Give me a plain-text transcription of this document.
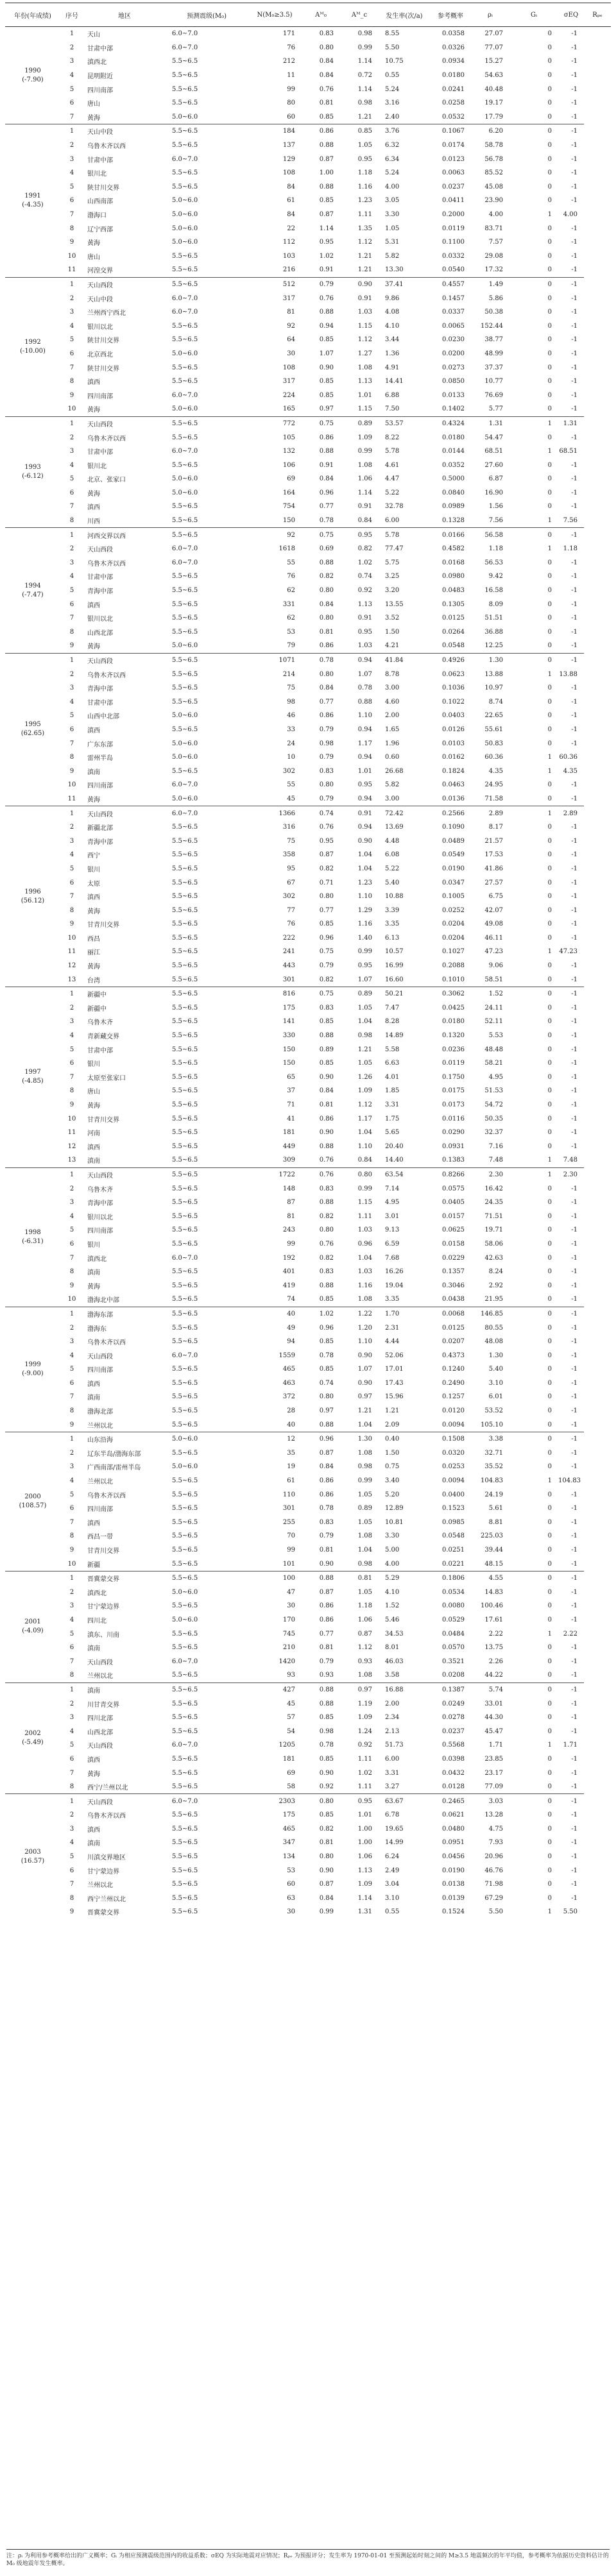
年份(年成绩)	序号	地区	预测震级(M₀)	N(M₀≥3.5)	Aᴹ₀	Aᴹ_c	发生率(次/a)	参考概率	ρᵢ	Gᵢ	σEQ	Rₚₑ

1990
(-7.90)	1	天山	6.0~7.0	171	0.83	0.98	8.55	0.0358	27.07	0	-1	
	2	甘肃中部	6.0~7.0	76	0.80	0.99	5.50	0.0326	77.07	0	-1	
	3	滇西北	5.5~6.5	212	0.84	1.14	10.75	0.0934	15.27	0	-1	
	4	昆明附近	5.5~6.5	11	0.84	0.72	0.55	0.0180	54.63	0	-1	
	5	四川南部	5.5~6.5	99	0.76	1.14	5.24	0.0241	40.48	0	-1	
	6	唐山	5.5~6.5	80	0.81	0.98	3.16	0.0258	19.17	0	-1	
	7	黄海	5.0~6.0	60	0.85	1.21	2.40	0.0532	17.79	0	-1	

1991
(-4.35)	1	天山中段	5.5~6.5	184	0.86	0.85	3.76	0.1067	6.20	0	-1	
	2	乌鲁木齐以西	5.5~6.5	137	0.88	1.05	6.32	0.0174	58.78	0	-1	
	3	甘肃中部	6.0~7.0	129	0.87	0.95	6.34	0.0123	56.78	0	-1	
	4	银川北	5.5~6.5	108	1.00	1.18	5.24	0.0063	85.52	0	-1	
	5	陕甘川交界	5.5~6.5	84	0.88	1.16	4.00	0.0237	45.08	0	-1	
	6	山西南部	5.0~6.0	61	0.85	1.23	3.05	0.0411	23.90	0	-1	
	7	渤海口	5.0~6.0	84	0.87	1.11	3.30	0.2000	4.00	1	4.00	
	8	辽宁西部	5.0~6.0	22	1.14	1.35	1.05	0.0119	83.71	0	-1	
	9	黄海	5.0~6.0	112	0.95	1.12	5.31	0.1100	7.57	0	-1	
	10	唐山	5.5~6.5	103	1.02	1.21	5.82	0.0332	29.08	0	-1	
	11	河湟交界	5.5~6.5	216	0.91	1.21	13.30	0.0540	17.32	0	-1	

1992
(-10.00)	1	天山西段	5.5~6.5	512	0.79	0.90	37.41	0.4557	1.49	0	-1	
	2	天山中段	6.0~7.0	317	0.76	0.91	9.86	0.1457	5.86	0	-1	
	3	兰州西宁西北	6.0~7.0	81	0.88	1.03	4.08	0.0337	50.38	0	-1	
	4	银川以北	5.5~6.5	92	0.94	1.15	4.10	0.0065	152.44	0	-1	
	5	陕甘川交界	5.5~6.5	64	0.85	1.12	3.44	0.0230	38.77	0	-1	
	6	北京西北	5.0~6.0	30	1.07	1.27	1.36	0.0200	48.99	0	-1	
	7	陕甘川交界	5.5~6.5	108	0.90	1.08	4.91	0.0273	37.37	0	-1	
	8	滇西	5.5~6.5	317	0.85	1.13	14.41	0.0850	10.77	0	-1	
	9	四川南部	6.0~7.0	224	0.85	1.01	6.88	0.0133	76.69	0	-1	
	10	黄海	5.0~6.0	165	0.97	1.15	7.50	0.1402	5.77	0	-1	

1993
(-6.12)	1	天山西段	5.5~6.5	772	0.75	0.89	53.57	0.4324	1.31	1	1.31	
	2	乌鲁木齐以西	5.5~6.5	105	0.86	1.09	8.22	0.0180	54.47	0	-1	
	3	甘肃中部	6.0~7.0	132	0.88	0.99	5.78	0.0144	68.51	1	68.51	
	4	银川北	5.5~6.5	106	0.91	1.08	4.61	0.0352	27.60	0	-1	
	5	北京、张家口	5.0~6.0	69	0.84	1.06	4.47	0.5000	6.87	0	-1	
	6	黄海	5.0~6.0	164	0.96	1.14	5.22	0.0840	16.90	0	-1	
	7	滇西	5.5~6.5	754	0.77	0.91	32.78	0.0989	1.56	0	-1	
	8	川西	5.5~6.5	150	0.78	0.84	6.00	0.1328	7.56	1	7.56	

1994
(-7.47)	1	河西交界以西	5.5~6.5	92	0.75	0.95	5.78	0.0166	56.58	0	-1	
	2	天山西段	6.0~7.0	1618	0.69	0.82	77.47	0.4582	1.18	1	1.18	
	3	乌鲁木齐以西	6.0~7.0	55	0.88	1.02	5.75	0.0168	56.53	0	-1	
	4	甘肃中部	5.5~6.5	76	0.82	0.74	3.25	0.0980	9.42	0	-1	
	5	青海中部	5.5~6.5	62	0.80	0.92	3.20	0.0483	16.58	0	-1	
	6	滇西	5.5~6.5	331	0.84	1.13	13.55	0.1305	8.09	0	-1	
	7	银川以北	5.5~6.5	62	0.80	0.91	3.52	0.0125	51.51	0	-1	
	8	山西北部	5.5~6.5	53	0.81	0.95	1.50	0.0264	36.88	0	-1	
	9	黄海	5.0~6.0	79	0.86	1.03	4.21	0.0548	12.25	0	-1	

1995
(62.65)	1	天山西段	5.5~6.5	1071	0.78	0.94	41.84	0.4926	1.30	0	-1	
	2	乌鲁木齐以西	5.5~6.5	214	0.80	1.07	8.78	0.0623	13.88	1	13.88	
	3	青海中部	5.5~6.5	75	0.84	0.78	3.00	0.1036	10.97	0	-1	
	4	甘肃中部	5.5~6.5	98	0.77	0.88	4.60	0.1022	8.74	0	-1	
	5	山西中北部	5.0~6.0	46	0.86	1.10	2.00	0.0403	22.65	0	-1	
	6	滇西	5.5~6.5	33	0.79	0.94	1.65	0.0126	55.61	0	-1	
	7	广东东部	5.0~6.0	24	0.98	1.17	1.96	0.0103	50.83	0	-1	
	8	雷州半岛	5.0~6.0	10	0.79	0.94	0.60	0.0162	60.36	1	60.36	
	9	滇南	5.5~6.5	302	0.83	1.01	26.68	0.1824	4.35	1	4.35	
	10	四川南部	6.0~7.0	55	0.80	0.95	5.82	0.0463	24.95	0	-1	
	11	黄海	5.0~6.0	45	0.79	0.94	3.00	0.0136	71.58	0	-1	

1996
(56.12)	1	天山西段	6.0~7.0	1366	0.74	0.91	72.42	0.2566	2.89	1	2.89	
	2	新疆北部	5.5~6.5	316	0.76	0.94	13.69	0.1090	8.17	0	-1	
	3	青海中部	5.5~6.5	75	0.95	0.90	4.48	0.0489	21.57	0	-1	
	4	西宁	5.5~6.5	358	0.87	1.04	6.08	0.0549	17.53	0	-1	
	5	银川	5.5~6.5	95	0.82	1.04	5.22	0.0190	41.86	0	-1	
	6	太原	5.5~6.5	67	0.71	1.23	5.40	0.0347	27.57	0	-1	
	7	滇西	5.5~6.5	302	0.80	1.10	10.88	0.1005	6.75	0	-1	
	8	黄海	5.5~6.5	77	0.77	1.29	3.39	0.0252	42.07	0	-1	
	9	甘青川交界	5.5~6.5	76	0.85	1.16	3.35	0.0204	49.08	0	-1	
	10	西昌	5.5~6.5	222	0.96	1.40	6.13	0.0204	46.11	0	-1	
	11	丽江	5.5~6.5	241	0.75	0.99	10.57	0.1027	47.23	1	47.23	
	12	黄海	5.5~6.5	443	0.79	0.95	16.99	0.2088	9.06	0	-1	
	13	台湾	5.5~6.5	301	0.82	1.07	16.60	0.1010	58.51	0	-1	

1997
(-4.85)	1	新疆中	5.5~6.5	816	0.75	0.89	50.21	0.3062	1.52	0	-1	
	2	新疆中	5.5~6.5	175	0.83	1.05	7.47	0.0425	24.11	0	-1	
	3	乌鲁木齐	5.5~6.5	141	0.85	1.04	8.28	0.0180	52.11	0	-1	
	4	青新藏交界	5.5~6.5	330	0.88	0.98	14.89	0.1320	5.53	0	-1	
	5	甘肃中部	5.5~6.5	150	0.89	1.21	5.58	0.0236	48.48	0	-1	
	6	银川	5.5~6.5	150	0.85	1.05	6.63	0.0119	58.21	0	-1	
	7	太原至张家口	5.5~6.5	65	0.90	1.26	4.01	0.1750	4.95	0	-1	
	8	唐山	5.5~6.5	37	0.84	1.09	1.85	0.0175	51.53	0	-1	
	9	黄海	5.5~6.5	71	0.81	1.12	3.31	0.0173	54.72	0	-1	
	10	甘青川交界	5.5~6.5	41	0.86	1.17	1.75	0.0116	50.35	0	-1	
	11	河南	5.5~6.5	181	0.90	1.04	5.65	0.0290	32.37	0	-1	
	12	滇西	5.5~6.5	449	0.88	1.10	20.40	0.0931	7.16	0	-1	
	13	滇南	5.5~6.5	309	0.76	0.84	14.40	0.1383	7.48	1	7.48	

1998
(-6.31)	1	天山西段	5.5~6.5	1722	0.76	0.80	63.54	0.8266	2.30	1	2.30	
	2	乌鲁木齐	5.5~6.5	148	0.83	0.99	7.14	0.0575	16.42	0	-1	
	3	青海中部	5.5~6.5	87	0.88	1.15	4.95	0.0405	24.35	0	-1	
	4	银川以北	5.5~6.5	81	0.82	1.11	3.01	0.0157	71.51	0	-1	
	5	四川南部	5.5~6.5	243	0.80	1.03	9.13	0.0625	19.71	0	-1	
	6	银川	5.5~6.5	99	0.76	0.96	6.59	0.0158	58.06	0	-1	
	7	滇西北	6.0~7.0	192	0.82	1.04	7.68	0.0229	42.63	0	-1	
	8	滇南	5.5~6.5	401	0.83	1.03	16.26	0.1357	8.24	0	-1	
	9	黄海	5.5~6.5	419	0.88	1.16	19.04	0.3046	2.92	0	-1	
	10	渤海北中部	5.5~6.5	74	0.85	1.08	3.35	0.0438	21.95	0	-1	

1999
(-9.00)	1	渤海东部	5.5~6.5	40	1.02	1.22	1.70	0.0068	146.85	0	-1	
	2	渤海东	5.5~6.5	49	0.96	1.20	2.31	0.0125	80.55	0	-1	
	3	乌鲁木齐以西	5.5~6.5	94	0.85	1.10	4.44	0.0207	48.08	0	-1	
	4	天山西段	6.0~7.0	1559	0.78	0.90	52.06	0.4373	1.30	0	-1	
	5	四川南部	5.5~6.5	465	0.85	1.07	17.01	0.1240	5.40	0	-1	
	6	滇西	5.5~6.5	463	0.74	0.90	17.43	0.2490	3.10	0	-1	
	7	滇南	5.5~6.5	372	0.80	0.97	15.96	0.1257	6.01	0	-1	
	8	渤海北部	5.5~6.5	28	0.97	1.21	1.21	0.0120	53.52	0	-1	
	9	兰州以北	5.5~6.5	40	0.88	1.04	2.09	0.0094	105.10	0	-1	

2000
(108.57)	1	山东沿海	5.0~6.0	12	0.96	1.30	0.40	0.1508	3.38	0	-1	
	2	辽东半岛/渤海东部	5.5~6.5	35	0.87	1.08	1.50	0.0320	32.71	0	-1	
	3	广西南部/雷州半岛	5.0~6.0	19	0.84	0.98	0.75	0.0253	35.52	0	-1	
	4	兰州以北	5.5~6.5	61	0.86	0.99	3.40	0.0094	104.83	1	104.83	
	5	乌鲁木齐以西	5.5~6.5	110	0.86	1.05	5.20	0.0400	24.19	0	-1	
	6	四川南部	5.5~6.5	301	0.78	0.89	12.89	0.1523	5.61	0	-1	
	7	滇西	5.5~6.5	255	0.83	1.05	10.81	0.0985	8.81	0	-1	
	8	西昌一带	5.5~6.5	70	0.79	1.08	3.30	0.0548	225.03	0	-1	
	9	甘青川交界	5.5~6.5	99	0.81	1.04	5.00	0.0251	39.44	0	-1	
	10	新疆	5.5~6.5	101	0.90	0.98	4.00	0.0221	48.15	0	-1	

2001
(-4.09)	1	晋冀蒙交界	5.5~6.5	100	0.88	0.81	5.29	0.1806	4.55	0	-1	
	2	滇西北	5.0~6.0	47	0.87	1.05	4.10	0.0534	14.83	0	-1	
	3	甘宁蒙边界	5.5~6.5	30	0.86	1.18	1.52	0.0080	100.46	0	-1	
	4	四川北	5.0~6.0	170	0.86	1.06	5.46	0.0529	17.61	0	-1	
	5	滇东、川南	5.5~6.5	745	0.77	0.87	34.53	0.0484	2.22	1	2.22	
	6	滇南	5.5~6.5	210	0.81	1.12	8.01	0.0570	13.75	0	-1	
	7	天山西段	6.0~7.0	1420	0.79	0.93	46.03	0.3521	2.26	0	-1	
	8	兰州以北	5.5~6.5	93	0.93	1.08	3.58	0.0208	44.22	0	-1	

2002
(-5.49)	1	滇南	5.5~6.5	427	0.88	0.97	16.88	0.1387	5.74	0	-1	
	2	川甘青交界	5.5~6.5	45	0.88	1.19	2.00	0.0249	33.01	0	-1	
	3	四川北部	5.5~6.5	57	0.85	1.09	2.34	0.0278	44.30	0	-1	
	4	山西北部	5.5~6.5	54	0.98	1.24	2.13	0.0237	45.47	0	-1	
	5	天山西段	6.0~7.0	1205	0.78	0.92	51.73	0.5568	1.71	1	1.71	
	6	滇西	5.5~6.5	181	0.85	1.11	6.00	0.0398	23.85	0	-1	
	7	黄海	5.5~6.5	69	0.90	1.02	3.31	0.0432	23.17	0	-1	
	8	西宁/兰州以北	5.5~6.5	58	0.92	1.11	3.27	0.0128	77.09	0	-1	

2003
(16.57)	1	天山西段	6.0~7.0	2303	0.80	0.95	63.67	0.2465	3.03	0	-1	
	2	乌鲁木齐以西	5.5~6.5	175	0.85	1.01	6.78	0.0621	13.28	0	-1	
	3	滇西	5.5~6.5	465	0.82	1.00	19.65	0.0480	4.75	0	-1	
	4	滇南	5.5~6.5	347	0.81	1.00	14.99	0.0951	7.93	0	-1	
	5	川滇交界地区	5.5~6.5	134	0.80	1.06	6.24	0.0456	20.96	0	-1	
	6	甘宁蒙边界	5.5~6.5	53	0.90	1.13	2.49	0.0190	46.76	0	-1	
	7	兰州以北	5.5~6.5	60	0.87	1.09	3.04	0.0138	71.98	0	-1	
	8	西宁兰州以北	5.5~6.5	63	0.84	1.14	3.10	0.0139	67.29	0	-1	
	9	晋冀蒙交界	5.5~6.5	30	0.99	1.31	0.55	0.1524	5.50	1	5.50	
注：ρᵢ 为利用参考概率给出的广义概率；Gᵢ 为相应预测震级范围内的收益系数；σEQ 为实际地震对应情况；Rₚₑ 为预报评分；发生率为 1970-01-01 至预测起始时刻之间的 M≥3.5 地震频次的年平均值，参考概率为依据历史资料估计的 M₀ 级地震年发生概率。
